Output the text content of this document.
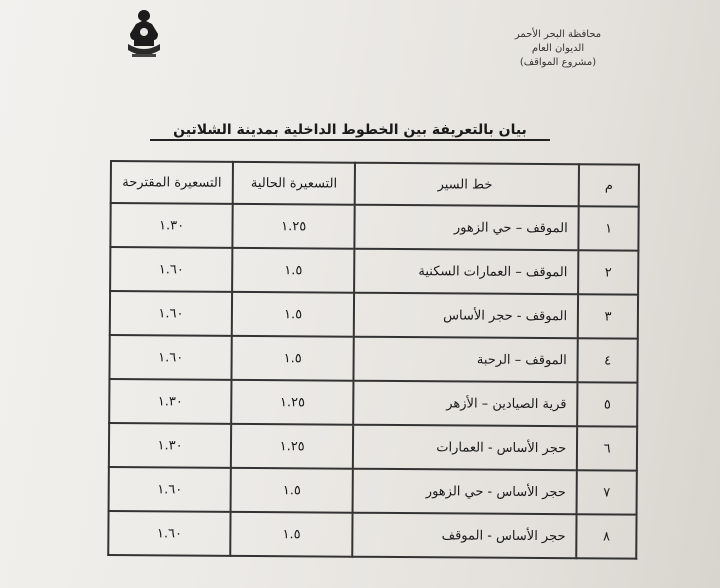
محافظة البحر الأحمر
الديوان العام
(مشروع المواقف)
بيان بالتعريفة بين الخطوط الداخلية بمدينة الشلاتين
م	خط السير	التسعيرة الحالية	التسعيرة المقترحة
١	الموقف – حي الزهور	١.٢٥	١.٣٠
٢	الموقف – العمارات السكنية	١.٥	١.٦٠
٣	الموقف - حجر الأساس	١.٥	١.٦٠
٤	الموقف – الرحبة	١.٥	١.٦٠
٥	قرية الصيادين – الأزهر	١.٢٥	١.٣٠
٦	حجر الأساس - العمارات	١.٢٥	١.٣٠
٧	حجر الأساس - حي الزهور	١.٥	١.٦٠
٨	حجر الأساس - الموقف	١.٥	١.٦٠
